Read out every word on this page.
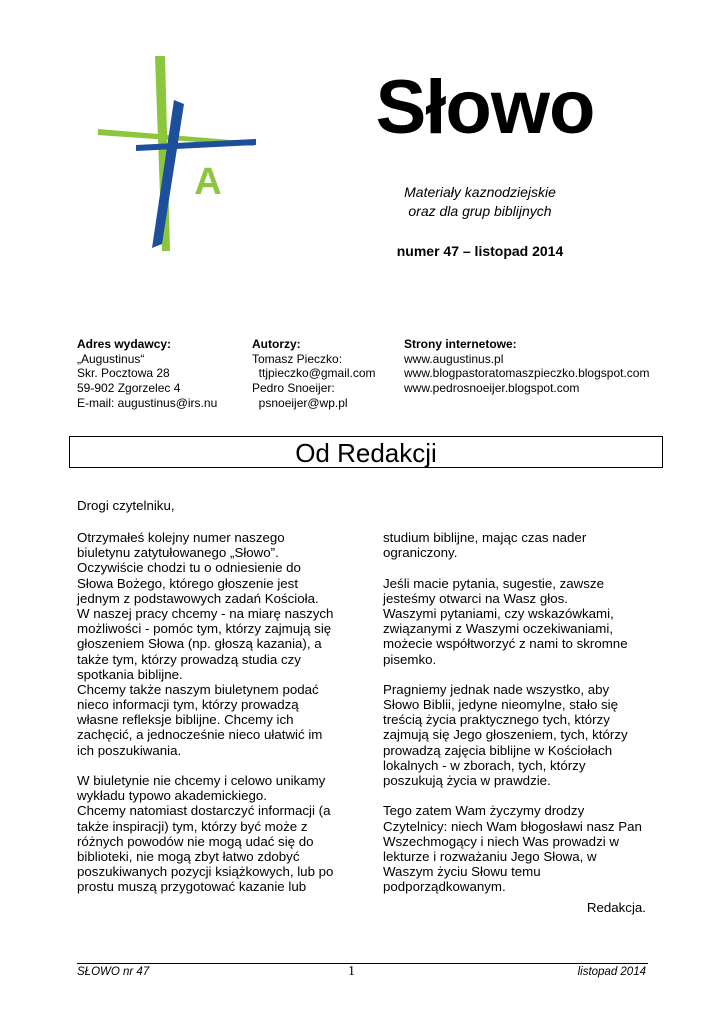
A
Słowo
Materiały kaznodziejskie
oraz dla grup biblijnych
numer 47 – listopad 2014
Adres wydawcy:
„Augustinus“
Skr. Pocztowa 28
59-902 Zgorzelec 4
E-mail: augustinus@irs.nu
Autorzy:
Tomasz Pieczko:
ttjpieczko@gmail.com
Pedro Snoeijer:
psnoeijer@wp.pl
Strony internetowe:
www.augustinus.pl
www.blogpastoratomaszpieczko.blogspot.com
www.pedrosnoeijer.blogspot.com
Od Redakcji
Drogi czytelniku,
Otrzymałeś kolejny numer naszego
biuletynu zatytułowanego „Słowo”.
Oczywiście chodzi tu o odniesienie do
Słowa Bożego, którego głoszenie jest
jednym z podstawowych zadań Kościoła.
W naszej pracy chcemy - na miarę naszych
możliwości - pomóc tym, którzy zajmują się
głoszeniem Słowa (np. głoszą kazania), a
także tym, którzy prowadzą studia czy
spotkania biblijne.
Chcemy także naszym biuletynem podać
nieco informacji tym, którzy prowadzą
własne refleksje biblijne. Chcemy ich
zachęcić, a jednocześnie nieco ułatwić im
ich poszukiwania.
W biuletynie nie chcemy i celowo unikamy
wykładu typowo akademickiego.
Chcemy natomiast dostarczyć informacji (a
także inspiracji) tym, którzy być może z
różnych powodów nie mogą udać się do
biblioteki, nie mogą zbyt łatwo zdobyć
poszukiwanych pozycji książkowych, lub po
prostu muszą przygotować kazanie lub
studium biblijne, mając czas nader
ograniczony.
Jeśli macie pytania, sugestie, zawsze
jesteśmy otwarci na Wasz głos.
Waszymi pytaniami, czy wskazówkami,
związanymi z Waszymi oczekiwaniami,
możecie współtworzyć z nami to skromne
pisemko.
Pragniemy jednak nade wszystko, aby
Słowo Biblii, jedyne nieomylne, stało się
treścią życia praktycznego tych, którzy
zajmują się Jego głoszeniem, tych, którzy
prowadzą zajęcia biblijne w Kościołach
lokalnych - w zborach, tych, którzy
poszukują życia w prawdzie.
Tego zatem Wam życzymy drodzy
Czytelnicy: niech Wam błogosławi nasz Pan
Wszechmogący i niech Was prowadzi w
lekturze i rozważaniu Jego Słowa, w
Waszym życiu Słowu temu
podporządkowanym.
Redakcja.
SŁOWO nr 47	1	listopad 2014
